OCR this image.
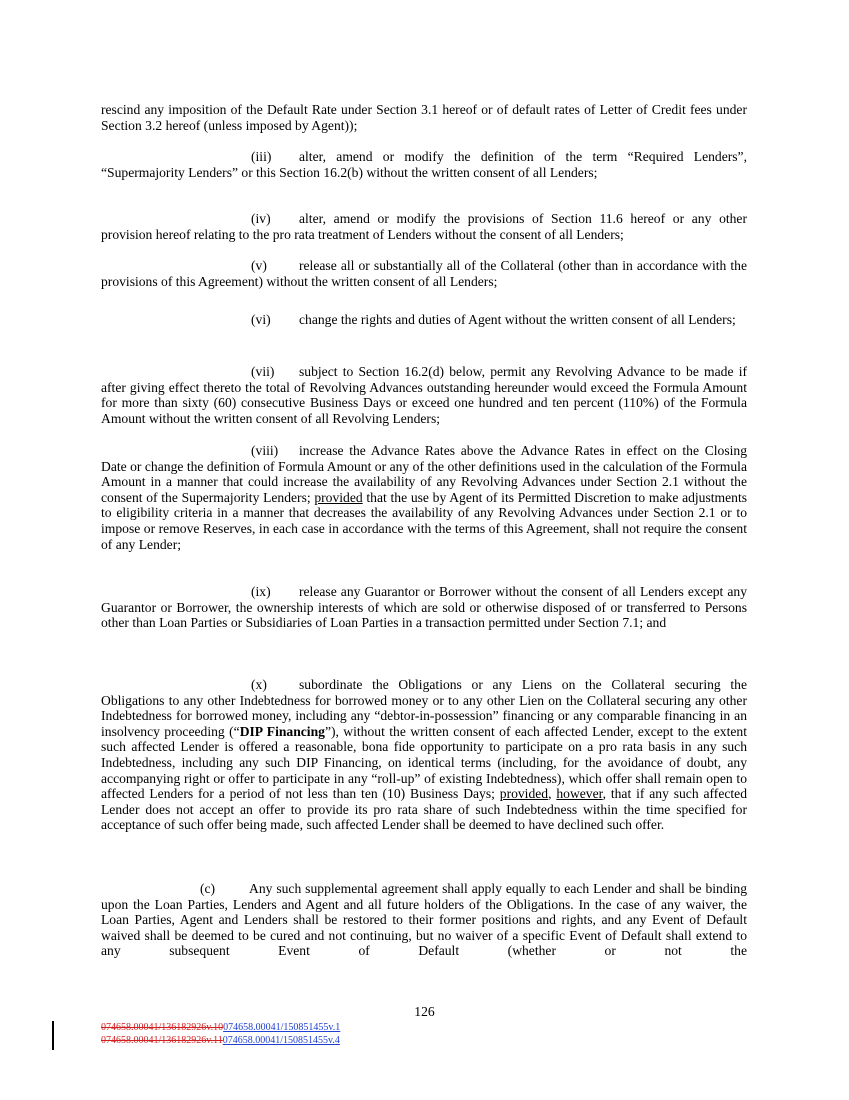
rescind any imposition of the Default Rate under Section 3.1 hereof or of default rates of Letter of Credit fees under Section 3.2 hereof (unless imposed by Agent));

(iii) alter, amend or modify the definition of the term “Required Lenders”, “Supermajority Lenders” or this Section 16.2(b) without the written consent of all Lenders;

(iv) alter, amend or modify the provisions of Section 11.6 hereof or any other provision hereof relating to the pro rata treatment of Lenders without the consent of all Lenders;

(v) release all or substantially all of the Collateral (other than in accordance with the provisions of this Agreement) without the written consent of all Lenders;

(vi) change the rights and duties of Agent without the written consent of all Lenders;

(vii) subject to Section 16.2(d) below, permit any Revolving Advance to be made if after giving effect thereto the total of Revolving Advances outstanding hereunder would exceed the Formula Amount for more than sixty (60) consecutive Business Days or exceed one hundred and ten percent (110%) of the Formula Amount without the written consent of all Revolving Lenders;

(viii) increase the Advance Rates above the Advance Rates in effect on the Closing Date or change the definition of Formula Amount or any of the other definitions used in the calculation of the Formula Amount in a manner that could increase the availability of any Revolving Advances under Section 2.1 without the consent of the Supermajority Lenders; provided that the use by Agent of its Permitted Discretion to make adjustments to eligibility criteria in a manner that decreases the availability of any Revolving Advances under Section 2.1 or to impose or remove Reserves, in each case in accordance with the terms of this Agreement, shall not require the consent of any Lender;

(ix) release any Guarantor or Borrower without the consent of all Lenders except any Guarantor or Borrower, the ownership interests of which are sold or otherwise disposed of or transferred to Persons other than Loan Parties or Subsidiaries of Loan Parties in a transaction permitted under Section 7.1; and

(x) subordinate the Obligations or any Liens on the Collateral securing the Obligations to any other Indebtedness for borrowed money or to any other Lien on the Collateral securing any other Indebtedness for borrowed money, including any “debtor-in-possession” financing or any comparable financing in an insolvency proceeding (“DIP Financing”), without the written consent of each affected Lender, except to the extent such affected Lender is offered a reasonable, bona fide opportunity to participate on a pro rata basis in any such Indebtedness, including any such DIP Financing, on identical terms (including, for the avoidance of doubt, any accompanying right or offer to participate in any “roll-up” of existing Indebtedness), which offer shall remain open to affected Lenders for a period of not less than ten (10) Business Days; provided, however, that if any such affected Lender does not accept an offer to provide its pro rata share of such Indebtedness within the time specified for acceptance of such offer being made, such affected Lender shall be deemed to have declined such offer.

(c) Any such supplemental agreement shall apply equally to each Lender and shall be binding upon the Loan Parties, Lenders and Agent and all future holders of the Obligations. In the case of any waiver, the Loan Parties, Agent and Lenders shall be restored to their former positions and rights, and any Event of Default waived shall be deemed to be cured and not continuing, but no waiver of a specific Event of Default shall extend to any subsequent Event of Default (whether or not the

126
074658.00041/136182926v.10074658.00041/150851455v.1
074658.00041/136182926v.11074658.00041/150851455v.4
